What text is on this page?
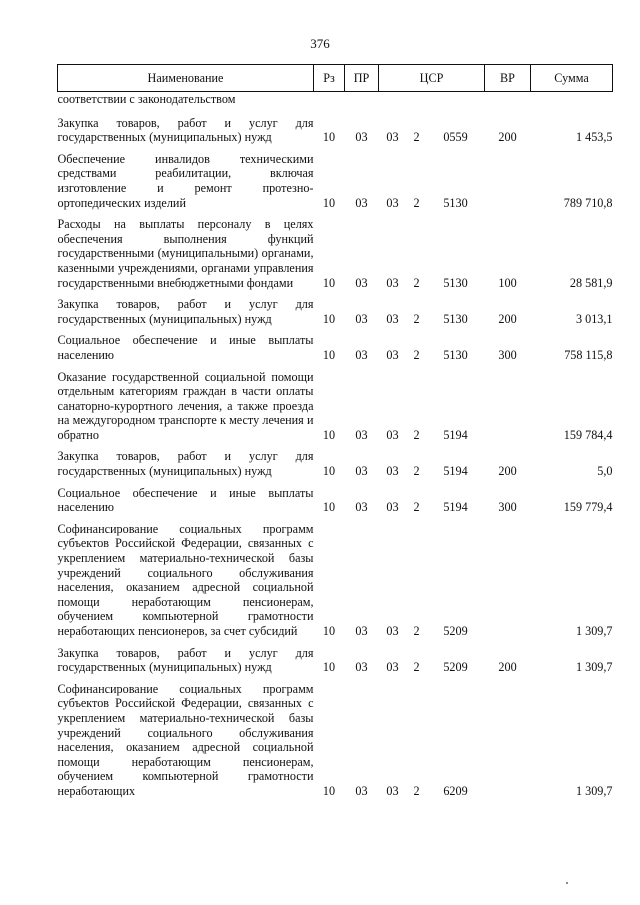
376
Наименование	Рз	ПР	ЦСР			ВР	Сумма
соответствии с законодательством							

Закупка товаров, работ и услуг для государственных (муниципальных) нужд	10	03	03	2	0559	200	1 453,5

Обеспечение инвалидов техническими средствами реабилитации, включая изготовление и ремонт протезно-ортопедических изделий	10	03	03	2	5130		789 710,8

Расходы на выплаты персоналу в целях обеспечения выполнения функций государственными (муниципальными) органами, казенными учреждениями, органами управления государственными внебюджетными фондами	10	03	03	2	5130	100	28 581,9

Закупка товаров, работ и услуг для государственных (муниципальных) нужд	10	03	03	2	5130	200	3 013,1

Социальное обеспечение и иные выплаты населению	10	03	03	2	5130	300	758 115,8

Оказание государственной социальной помощи отдельным категориям граждан в части оплаты санаторно-курортного лечения, а также проезда на междугородном транспорте к месту лечения и обратно	10	03	03	2	5194		159 784,4

Закупка товаров, работ и услуг для государственных (муниципальных) нужд	10	03	03	2	5194	200	5,0

Социальное обеспечение и иные выплаты населению	10	03	03	2	5194	300	159 779,4

Софинансирование социальных программ субъектов Российской Федерации, связанных с укреплением материально-технической базы учреждений социального обслуживания населения, оказанием адресной социальной помощи неработающим пенсионерам, обучением компьютерной грамотности неработающих пенсионеров, за счет субсидий	10	03	03	2	5209		1 309,7

Закупка товаров, работ и услуг для государственных (муниципальных) нужд	10	03	03	2	5209	200	1 309,7

Софинансирование социальных программ субъектов Российской Федерации, связанных с укреплением материально-технической базы учреждений социального обслуживания населения, оказанием адресной социальной помощи неработающим пенсионерам, обучением компьютерной грамотности неработающих	10	03	03	2	6209		1 309,7
